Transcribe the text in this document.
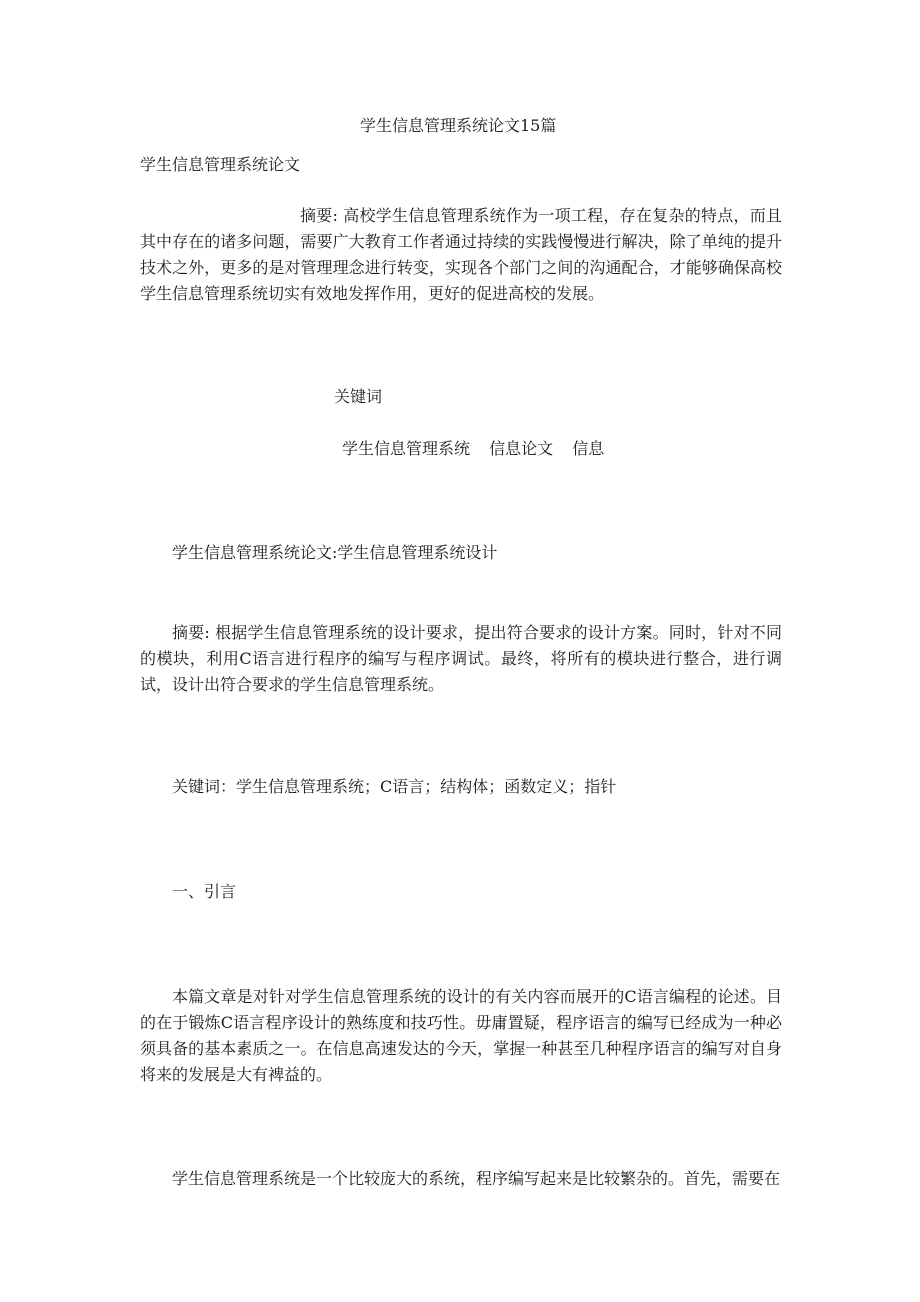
学生信息管理系统论文15篇
学生信息管理系统论文
摘要: 高校学生信息管理系统作为一项工程，存在复杂的特点，而且其中存在的诸多问题，需要广大教育工作者通过持续的实践慢慢进行解决，除了单纯的提升技术之外，更多的是对管理理念进行转变，实现各个部门之间的沟通配合，才能够确保高校学生信息管理系统切实有效地发挥作用，更好的促进高校的发展。
关键词
学生信息管理系统 信息论文 信息
学生信息管理系统论文:学生信息管理系统设计
摘要: 根据学生信息管理系统的设计要求，提出符合要求的设计方案。同时，针对不同的模块，利用C语言进行程序的编写与程序调试。最终，将所有的模块进行整合，进行调试，设计出符合要求的学生信息管理系统。
关键词：学生信息管理系统；C语言；结构体；函数定义；指针
一、引言
本篇文章是对针对学生信息管理系统的设计的有关内容而展开的C语言编程的论述。目的在于锻炼C语言程序设计的熟练度和技巧性。毋庸置疑，程序语言的编写已经成为一种必须具备的基本素质之一。在信息高速发达的今天，掌握一种甚至几种程序语言的编写对自身将来的发展是大有裨益的。
学生信息管理系统是一个比较庞大的系统，程序编写起来是比较繁杂的。首先，需要在
